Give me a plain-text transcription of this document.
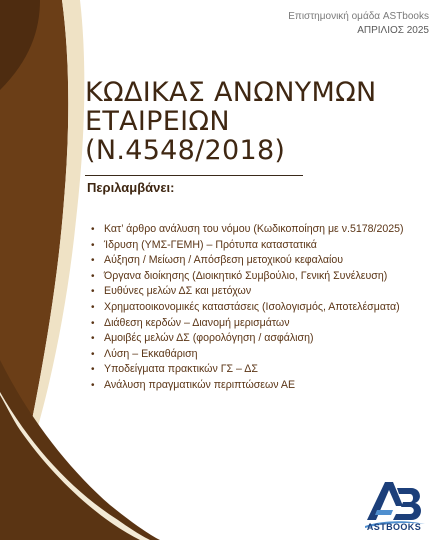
Επιστημονική ομάδα ASTbooks
ΑΠΡΙΛΙΟΣ 2025
ΚΩΔΙΚΑΣ ΑΝΩΝΥΜΩΝ
ΕΤΑΙΡΕΙΩΝ
(Ν.4548/2018)
Περιλαμβάνει:
• Κατ’ άρθρο ανάλυση του νόμου (Κωδικοποίηση με ν.5178/2025)
• Ίδρυση (ΥΜΣ-ΓΕΜΗ) – Πρότυπα καταστατικά
• Αύξηση / Μείωση / Απόσβεση μετοχικού κεφαλαίου
• Όργανα διοίκησης (Διοικητικό Συμβούλιο, Γενική Συνέλευση)
• Ευθύνες μελών ΔΣ και μετόχων
• Χρηματοοικονομικές καταστάσεις (Ισολογισμός, Αποτελέσματα)
• Διάθεση κερδών – Διανομή μερισμάτων
• Αμοιβές μελών ΔΣ (φορολόγηση / ασφάλιση)
• Λύση – Εκκαθάριση
• Υποδείγματα πρακτικών ΓΣ – ΔΣ
• Ανάλυση πραγματικών περιπτώσεων ΑΕ
ASTBOOKS
